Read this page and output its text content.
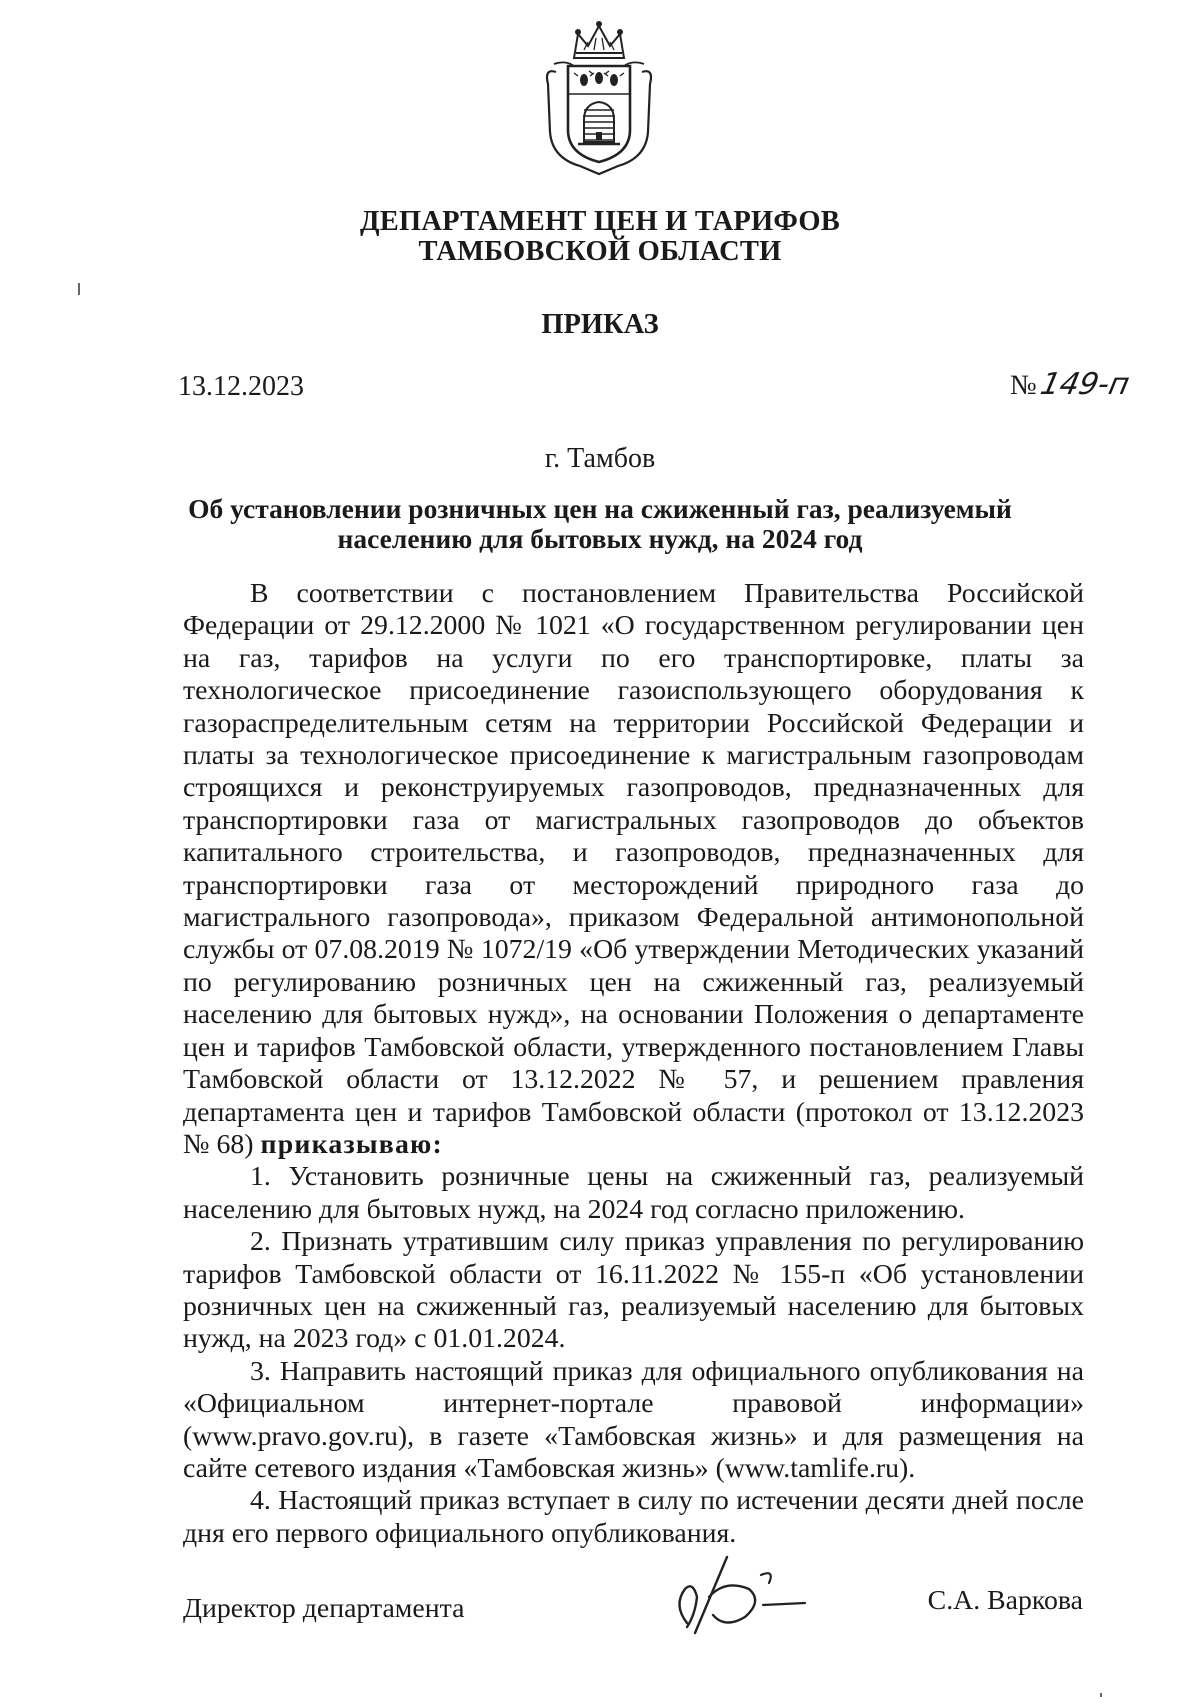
ДЕПАРТАМЕНТ ЦЕН И ТАРИФОВ
ТАМБОВСКОЙ ОБЛАСТИ
ПРИКАЗ
13.12.2023	№149-п
г. Тамбов
Об установлении розничных цен на сжиженный газ, реализуемый
населению для бытовых нужд, на 2024 год

В соответствии с постановлением Правительства Российской Федерации от 29.12.2000 № 1021 «О государственном регулировании цен на газ, тарифов на услуги по его транспортировке, платы за технологическое присоединение газоиспользующего оборудования к газораспределительным сетям на территории Российской Федерации и платы за технологическое присоединение к магистральным газопроводам строящихся и реконструируемых газопроводов, предназначенных для транспортировки газа от магистральных газопроводов до объектов капитального строительства, и газопроводов, предназначенных для транспортировки газа от месторождений природного газа до магистрального газопровода», приказом Федеральной антимонопольной службы от 07.08.2019 № 1072/19 «Об утверждении Методических указаний по регулированию розничных цен на сжиженный газ, реализуемый населению для бытовых нужд», на основании Положения о департаменте цен и тарифов Тамбовской области, утвержденного постановлением Главы Тамбовской области от 13.12.2022 № 57, и решением правления департамента цен и тарифов Тамбовской области (протокол от 13.12.2023 № 68) приказываю:

1. Установить розничные цены на сжиженный газ, реализуемый населению для бытовых нужд, на 2024 год согласно приложению.

2. Признать утратившим силу приказ управления по регулированию тарифов Тамбовской области от 16.11.2022 № 155-п «Об установлении розничных цен на сжиженный газ, реализуемый населению для бытовых нужд, на 2023 год» с 01.01.2024.

3. Направить настоящий приказ для официального опубликования на «Официальном интернет-портале правовой информации» (www.pravo.gov.ru), в газете «Тамбовская жизнь» и для размещения на сайте сетевого издания «Тамбовская жизнь» (www.tamlife.ru).

4. Настоящий приказ вступает в силу по истечении десяти дней после дня его первого официального опубликования.

Директор департамента	С.А. Варкова
